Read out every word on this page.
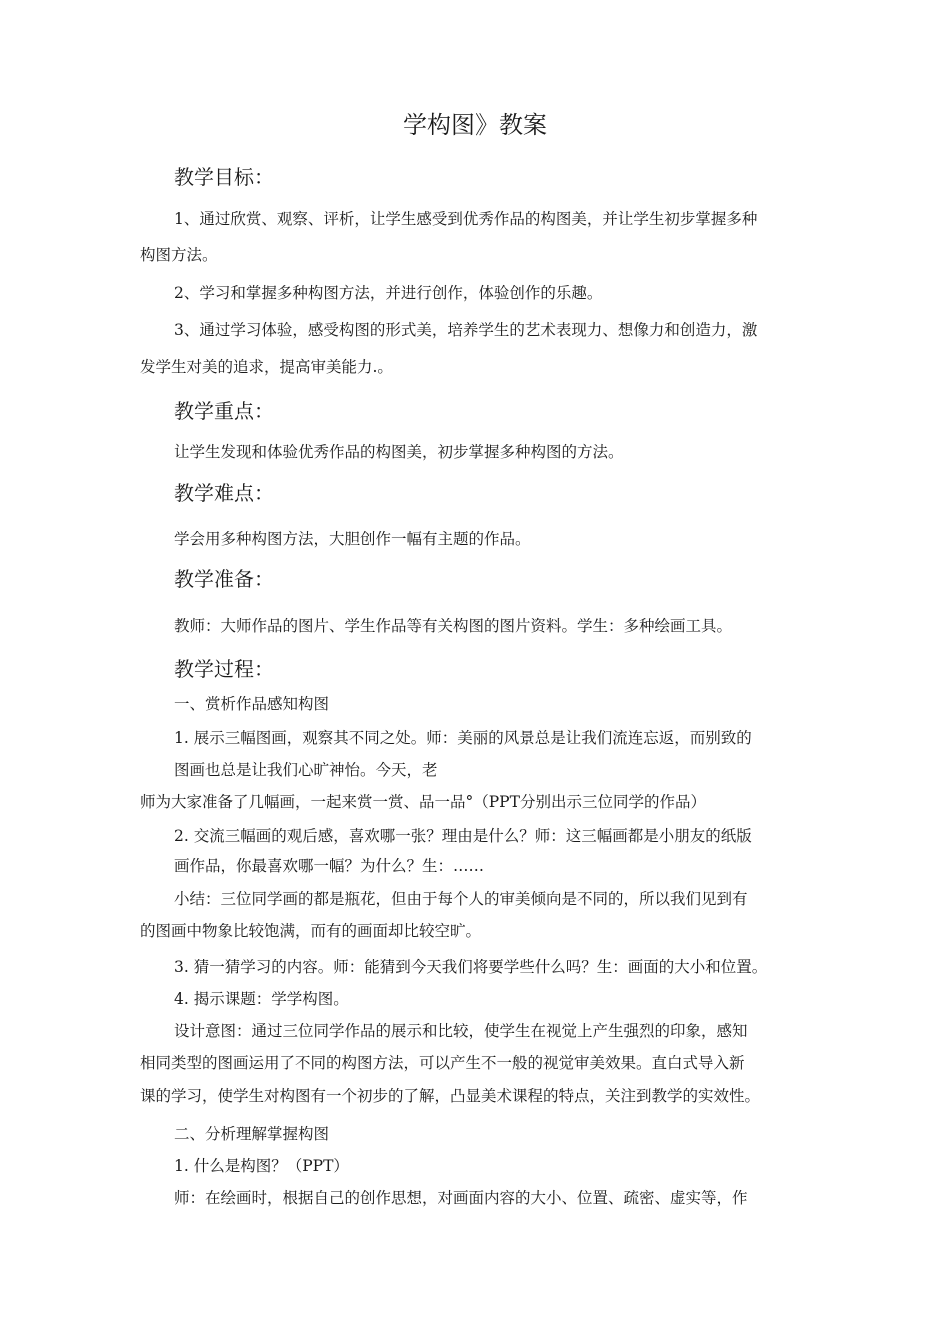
学构图》教案
教学目标：
1、通过欣赏、观察、评析，让学生感受到优秀作品的构图美，并让学生初步掌握多种
构图方法。
2、学习和掌握多种构图方法，并进行创作，体验创作的乐趣。
3、通过学习体验，感受构图的形式美，培养学生的艺术表现力、想像力和创造力，激
发学生对美的追求，提高审美能力.。
教学重点：
让学生发现和体验优秀作品的构图美，初步掌握多种构图的方法。
教学难点：
学会用多种构图方法，大胆创作一幅有主题的作品。
教学准备：
教师：大师作品的图片、学生作品等有关构图的图片资料。学生：多种绘画工具。
教学过程：
一、赏析作品感知构图
1. 展示三幅图画，观察其不同之处。师：美丽的风景总是让我们流连忘返，而别致的
图画也总是让我们心旷神怡。今天，老
师为大家准备了几幅画，一起来赏一赏、品一品°（PPT分别出示三位同学的作品）
2. 交流三幅画的观后感，喜欢哪一张？理由是什么？师：这三幅画都是小朋友的纸版
画作品，你最喜欢哪一幅？为什么？生：……
小结：三位同学画的都是瓶花，但由于每个人的审美倾向是不同的，所以我们见到有
的图画中物象比较饱满，而有的画面却比较空旷。
3. 猜一猜学习的内容。师：能猜到今天我们将要学些什么吗？生：画面的大小和位置。
4. 揭示课题：学学构图。
设计意图：通过三位同学作品的展示和比较，使学生在视觉上产生强烈的印象，感知
相同类型的图画运用了不同的构图方法，可以产生不一般的视觉审美效果。直白式导入新
课的学习，使学生对构图有一个初步的了解，凸显美术课程的特点，关注到教学的实效性。
二、分析理解掌握构图
1. 什么是构图？（PPT）
师：在绘画时，根据自己的创作思想，对画面内容的大小、位置、疏密、虚实等，作
